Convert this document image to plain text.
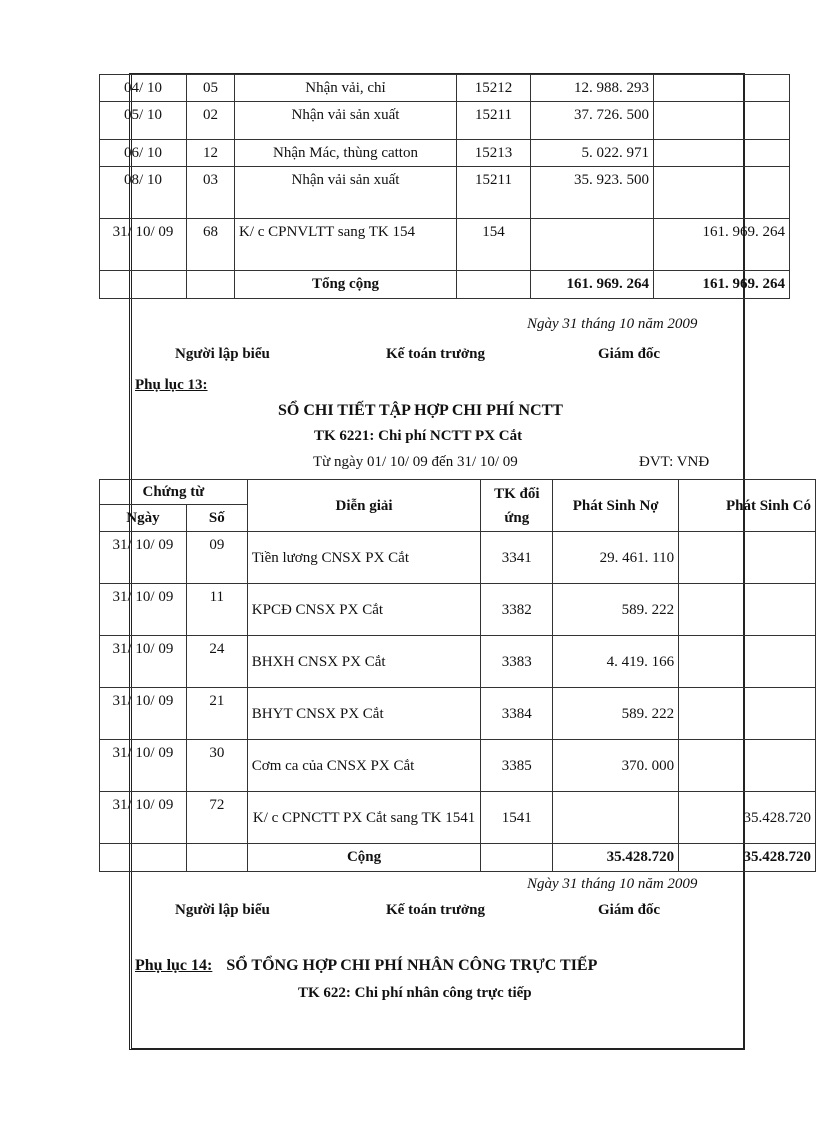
04/ 10	05	Nhận vải, chỉ	15212	12. 988. 293	
05/ 10	02	Nhận vải sản xuất	15211	37. 726. 500	
06/ 10	12	Nhận Mác, thùng catton	15213	5. 022. 971	
08/ 10	03	Nhận vải sản xuất	15211	35. 923. 500	
31/ 10/ 09	68	K/ c CPNVLTT sang TK 154	154		161. 969. 264
		Tổng cộng		161. 969. 264	161. 969. 264
Ngày 31 tháng 10 năm 2009
Người lập biểu	Kế toán trưởng	Giám đốc
Phụ lục 13:
SỔ CHI TIẾT TẬP HỢP CHI PHÍ NCTT
TK 6221: Chi phí NCTT PX Cắt
Từ ngày 01/ 10/ 09 đến 31/ 10/ 09	ĐVT: VNĐ
Chứng từ		Diễn giải	TK đối ứng	Phát Sinh Nợ	Phát Sinh Có
Ngày	Số				
31/ 10/ 09	09	Tiền lương CNSX PX Cắt	3341	29. 461. 110	
31/ 10/ 09	11	KPCĐ CNSX PX Cắt	3382	589. 222	
31/ 10/ 09	24	BHXH CNSX PX Cắt	3383	4. 419. 166	
31/ 10/ 09	21	BHYT CNSX PX Cắt	3384	589. 222	
31/ 10/ 09	30	Cơm ca của CNSX PX Cắt	3385	370. 000	
31/ 10/ 09	72	K/ c CPNCTT PX Cắt sang TK 1541	1541		35.428.720
		Cộng		35.428.720	35.428.720
Ngày 31 tháng 10 năm 2009
Người lập biểu	Kế toán trưởng	Giám đốc
Phụ lục 14: SỔ TỔNG HỢP CHI PHÍ NHÂN CÔNG TRỰC TIẾP
TK 622: Chi phí nhân công trực tiếp
